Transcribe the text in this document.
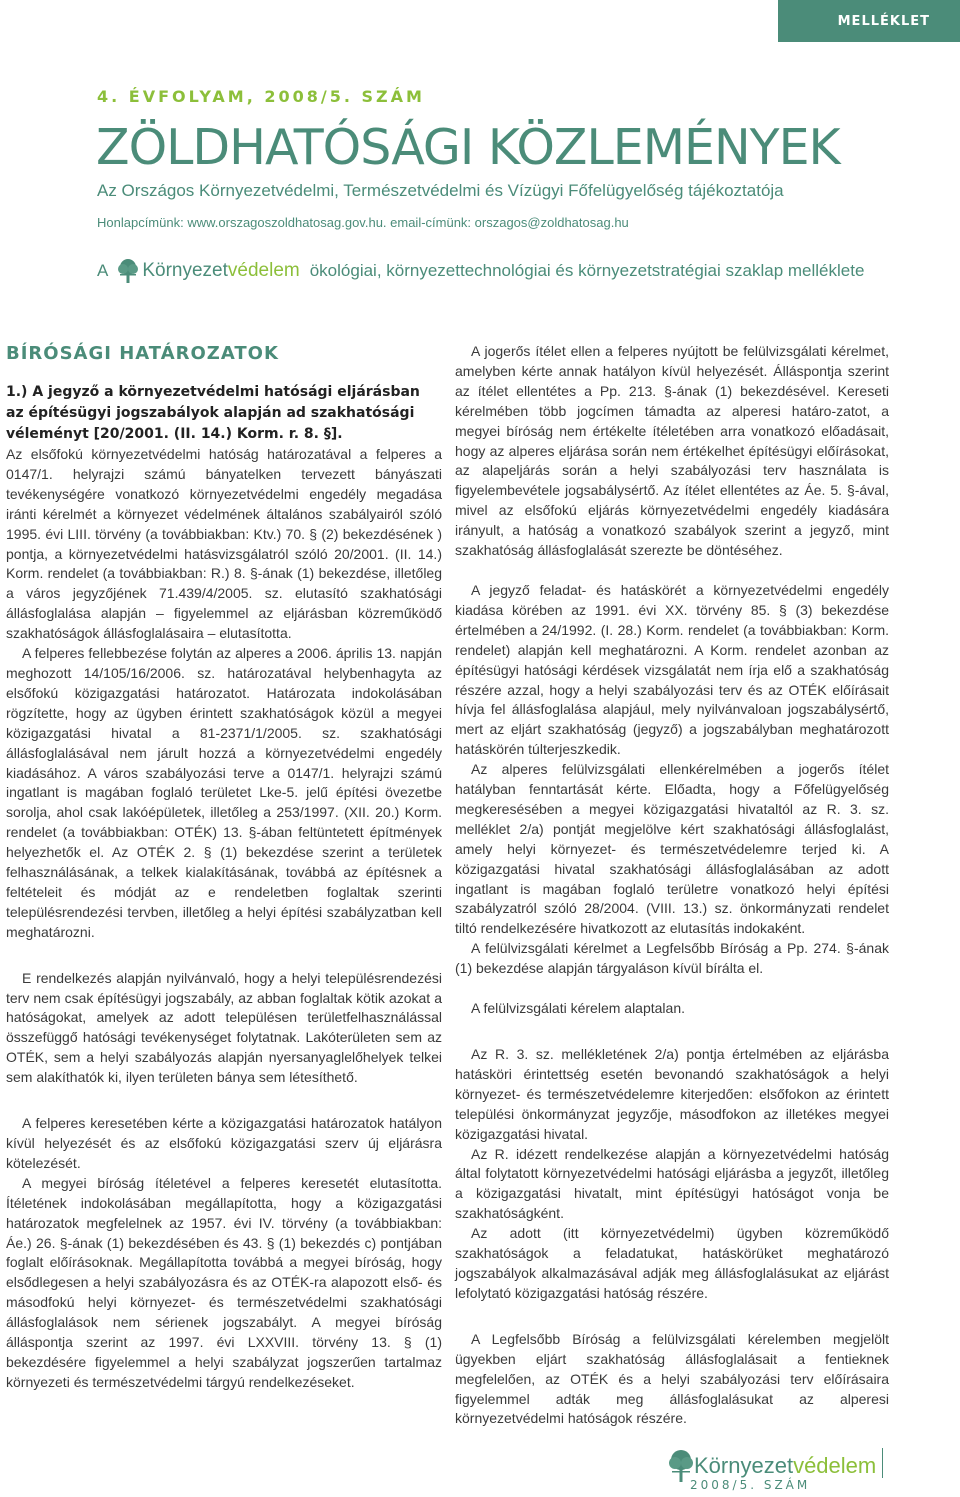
MELLÉKLET

4. ÉVFOLYAM, 2008/5. SZÁM

ZÖLDHATÓSÁGI KÖZLEMÉNYEK

Az Országos Környezetvédelmi, Természetvédelmi és Vízügyi Főfelügyelőség tájékoztatója

Honlapcímünk: www.orszagoszoldhatosag.gov.hu. email-címünk: orszagos@zoldhatosag.hu

A Környezetvédelem ökológiai, környezettechnológiai és környezetstratégiai szaklap melléklete
BÍRÓSÁGI HATÁROZATOK

1.) A jegyző a környezetvédelmi hatósági eljárásban az építésügyi jogszabályok alapján ad szakhatósági véleményt [20/2001. (II. 14.) Korm. r. 8. §].

Az elsőfokú környezetvédelmi hatóság határozatával a felperes a 0147/1. helyrajzi számú bányatelken tervezett bányászati tevékenységére vonatkozó környezetvédelmi engedély megadása iránti kérelmét a környezet védelmének általános szabályairól szóló 1995. évi LIII. törvény (a továbbiakban: Ktv.) 70. § (2) bekezdésének ) pontja, a környezetvédelmi hatásvizsgálatról szóló 20/2001. (II. 14.) Korm. rendelet (a továbbiakban: R.) 8. §-ának (1) bekezdése, illetőleg a város jegyzőjének 71.439/4/2005. sz. elutasító szakhatósági állásfoglalása alapján – figyelemmel az eljárásban közreműködő szakhatóságok állásfoglalásaira – elutasította.

A felperes fellebbezése folytán az alperes a 2006. április 13. napján meghozott 14/105/16/2006. sz. határozatával helybenhagyta az elsőfokú közigazgatási határozatot. Határozata indokolásában rögzítette, hogy az ügyben érintett szakhatóságok közül a megyei közigazgatási hivatal a 81-2371/1/2005. sz. szakhatósági állásfoglalásával nem járult hozzá a környezetvédelmi engedély kiadásához. A város szabályozási terve a 0147/1. helyrajzi számú ingatlant is magában foglaló területet Lke-5. jelű építési övezetbe sorolja, ahol csak lakóépületek, illetőleg a 253/1997. (XII. 20.) Korm. rendelet (a továbbiakban: OTÉK) 13. §-ában feltüntetett építmények helyezhetők el. Az OTÉK 2. § (1) bekezdése szerint a területek felhasználásának, a telkek kialakításának, továbbá az építésnek a feltételeit és módját az e rendeletben foglaltak szerinti településrendezési tervben, illetőleg a helyi építési szabályzatban kell meghatározni.

E rendelkezés alapján nyilvánvaló, hogy a helyi településrendezési terv nem csak építésügyi jogszabály, az abban foglaltak kötik azokat a hatóságokat, amelyek az adott településen területfelhasználással összefüggő hatósági tevékenységet folytatnak. Lakóterületen sem az OTÉK, sem a helyi szabályozás alapján nyersanyaglelőhelyek telkei sem alakíthatók ki, ilyen területen bánya sem létesíthető.

A felperes keresetében kérte a közigazgatási határozatok hatályon kívül helyezését és az elsőfokú közigazgatási szerv új eljárásra kötelezését.

A megyei bíróság ítéletével a felperes keresetét elutasította. Ítéletének indokolásában megállapította, hogy a közigazgatási határozatok megfelelnek az 1957. évi IV. törvény (a továbbiakban: Áe.) 26. §-ának (1) bekezdésében és 43. § (1) bekezdés c) pontjában foglalt előírásoknak. Megállapította továbbá a megyei bíróság, hogy elsődlegesen a helyi szabályozásra és az OTÉK-ra alapozott első- és másodfokú helyi környezet- és természetvédelmi szakhatósági állásfoglalások nem sérienek jogszabályt. A megyei bíróság álláspontja szerint az 1997. évi LXXVIII. törvény 13. § (1) bekezdésére figyelemmel a helyi szabályzat jogszerűen tartalmaz környezeti és természetvédelmi tárgyú rendelkezéseket.

A jogerős ítélet ellen a felperes nyújtott be felülvizsgálati kérelmet, amelyben kérte annak hatályon kívül helyezését. Álláspontja szerint az ítélet ellentétes a Pp. 213. §-ának (1) bekezdésével. Kereseti kérelmében több jogcímen támadta az alperesi határo-zatot, a megyei bíróság nem értékelte ítéletében arra vonatkozó előadásait, hogy az alperes eljárása során nem értékelhet építésügyi előírásokat, az alapeljárás során a helyi szabályozási terv használata is figyelembevétele jogsabálysértő. Az ítélet ellentétes az Áe. 5. §-ával, mivel az elsőfokú eljárás környezetvédelmi engedély kiadására irányult, a hatóság a vonatkozó szabályok szerint a jegyző, mint szakhatóság állásfoglalását szerezte be döntéséhez.

A jegyző feladat- és hatáskörét a környezetvédelmi engedély kiadása körében az 1991. évi XX. törvény 85. § (3) bekezdése értelmében a 24/1992. (I. 28.) Korm. rendelet (a továbbiakban: Korm. rendelet) alapján kell meghatározni. A Korm. rendelet azonban az építésügyi hatósági kérdések vizsgálatát nem írja elő a szakhatóság részére azzal, hogy a helyi szabályozási terv és az OTÉK előírásait hívja fel állásfoglalása alapjául, mely nyilvánvaloan jogszabálysértő, mert az eljárt szakhatóság (jegyző) a jogszabályban meghatározott hatáskörén túlterjeszkedik.

Az alperes felülvizsgálati ellenkérelmében a jogerős ítélet hatályban fenntartását kérte. Előadta, hogy a Főfelügyelőség megkeresésében a megyei közigazgatási hivataltól az R. 3. sz. melléklet 2/a) pontját megjelölve kért szakhatósági állásfoglalást, amely helyi környezet- és természetvédelemre terjed ki. A közigazgatási hivatal szakhatósági állásfoglalásában az adott ingatlant is magában foglaló területre vonatkozó helyi építési szabályzatról szóló 28/2004. (VIII. 13.) sz. önkormányzati rendelet tiltó rendelkezésére hivatkozott az elutasítás indokaként.

A felülvizsgálati kérelmet a Legfelsőbb Bíróság a Pp. 274. §-ának (1) bekezdése alapján tárgyaláson kívül bírálta el.

A felülvizsgálati kérelem alaptalan.

Az R. 3. sz. mellékletének 2/a) pontja értelmében az eljárásba hatásköri érintettség esetén bevonandó szakhatóságok a helyi környezet- és természetvédelemre kiterjedően: elsőfokon az érintett települési önkormányzat jegyzője, másodfokon az illetékes megyei közigazgatási hivatal.

Az R. idézett rendelkezése alapján a környezetvédelmi hatóság által folytatott környezetvédelmi hatósági eljárásba a jegyzőt, illetőleg a közigazgatási hivatalt, mint építésügyi hatóságot vonja be szakhatóságként.

Az adott (itt környezetvédelmi) ügyben közreműködő szakhatóságok a feladatukat, hatáskörüket meghatározó jogszabályok alkalmazásával adják meg állásfoglalásukat az eljárást lefolytató közigazgatási hatóság részére.

A Legfelsőbb Bíróság a felülvizsgálati kérelemben megjelölt ügyekben eljárt szakhatóság állásfoglalásait a fentieknek megfelelően, az OTÉK és a helyi szabályozási terv előírásaira figyelemmel adták meg állásfoglalásukat az alperesi környezetvédelmi hatóságok részére.

Környezet védelem

2008/5. SZÁM
